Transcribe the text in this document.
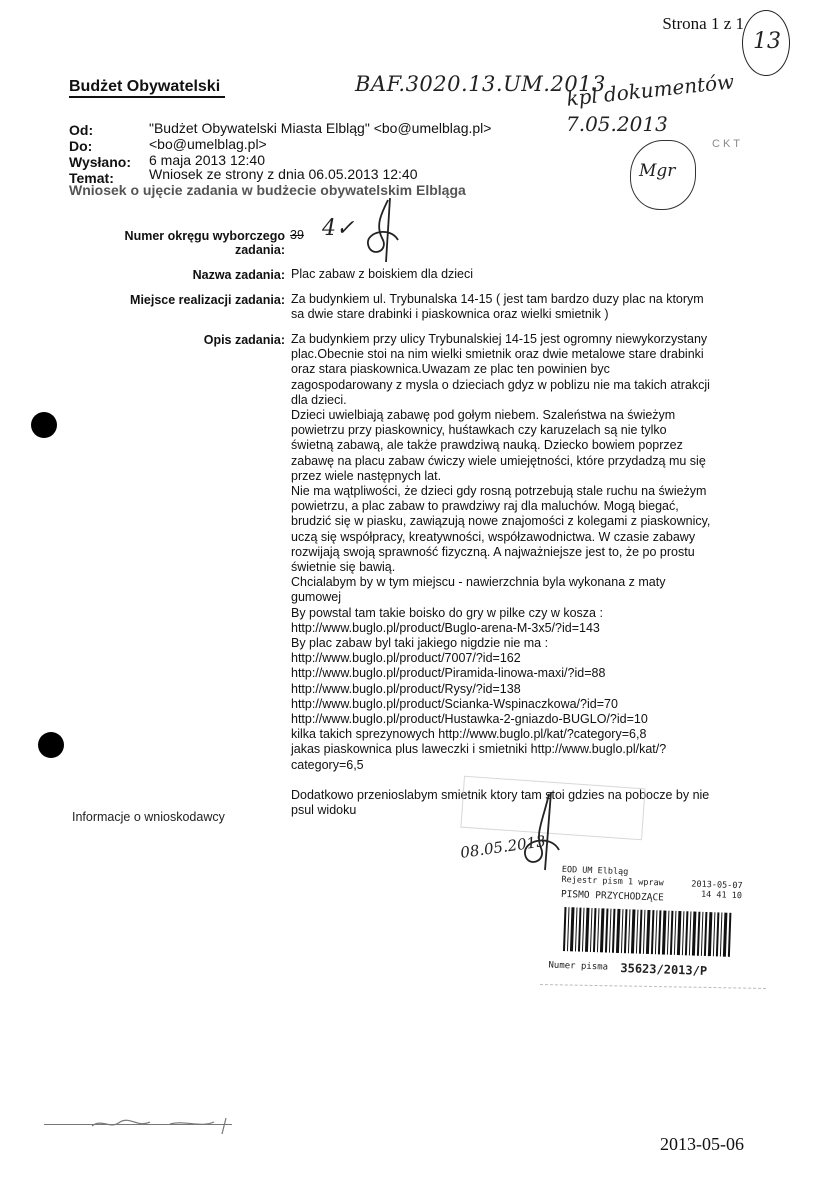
Strona 1 z 1
13
Budżet Obywatelski	BAF.3020.13.UM.2013
kpl dokumentów
7.05.2013
Mgr
CKT
Od:	"Budżet Obywatelski Miasta Elbląg" <bo@umelblag.pl>
Do:	<bo@umelblag.pl>
Wysłano: 6 maja 2013 12:40
Temat:	Wniosek ze strony z dnia 06.05.2013 12:40
Wniosek o ujęcie zadania w budżecie obywatelskim Elbląga
Numer okręgu wyborczego
zadania:
39 4✓
Nazwa zadania: Plac zabaw z boiskiem dla dzieci
Miejsce realizacji zadania: Za budynkiem ul. Trybunalska 14-15 ( jest tam bardzo duzy plac na ktorym
sa dwie stare drabinki i piaskownica oraz wielki smietnik )
Opis zadania: Za budynkiem przy ulicy Trybunalskiej 14-15 jest ogromny niewykorzystany
plac.Obecnie stoi na nim wielki smietnik oraz dwie metalowe stare drabinki
oraz stara piaskownica.Uwazam ze plac ten powinien byc
zagospodarowany z mysla o dzieciach gdyz w poblizu nie ma takich atrakcji
dla dzieci.
Dzieci uwielbiają zabawę pod gołym niebem. Szaleństwa na świeżym
powietrzu przy piaskownicy, huśtawkach czy karuzelach są nie tylko
świetną zabawą, ale także prawdziwą nauką. Dziecko bowiem poprzez
zabawę na placu zabaw ćwiczy wiele umiejętności, które przydadzą mu się
przez wiele następnych lat.
Nie ma wątpliwości, że dzieci gdy rosną potrzebują stale ruchu na świeżym
powietrzu, a plac zabaw to prawdziwy raj dla maluchów. Mogą biegać,
brudzić się w piasku, zawiązują nowe znajomości z kolegami z piaskownicy,
uczą się współpracy, kreatywności, współzawodnictwa. W czasie zabawy
rozwijają swoją sprawność fizyczną. A najważniejsze jest to, że po prostu
świetnie się bawią.
Chcialabym by w tym miejscu - nawierzchnia byla wykonana z maty
gumowej
By powstal tam takie boisko do gry w pilke czy w kosza :
http://www.buglo.pl/product/Buglo-arena-M-3x5/?id=143
By plac zabaw byl taki jakiego nigdzie nie ma :
http://www.buglo.pl/product/7007/?id=162
http://www.buglo.pl/product/Piramida-linowa-maxi/?id=88
http://www.buglo.pl/product/Rysy/?id=138
http://www.buglo.pl/product/Scianka-Wspinaczkowa/?id=70
http://www.buglo.pl/product/Hustawka-2-gniazdo-BUGLO/?id=10
kilka takich sprezynowych http://www.buglo.pl/kat/?category=6,8
jakas piaskownica plus laweczki i smietniki http://www.buglo.pl/kat/?
category=6,5
Dodatkowo przenioslabym smietnik ktory tam stoi gdzies na pobocze by nie
psul widoku
Informacje o wnioskodawcy
08.05.2013
EOD UM Elbląg
Rejestr pism 1 wpraw	2013-05-07
14 41 10
PISMO PRZYCHODZĄCE
Numer pisma 35623/2013/P
2013-05-06
